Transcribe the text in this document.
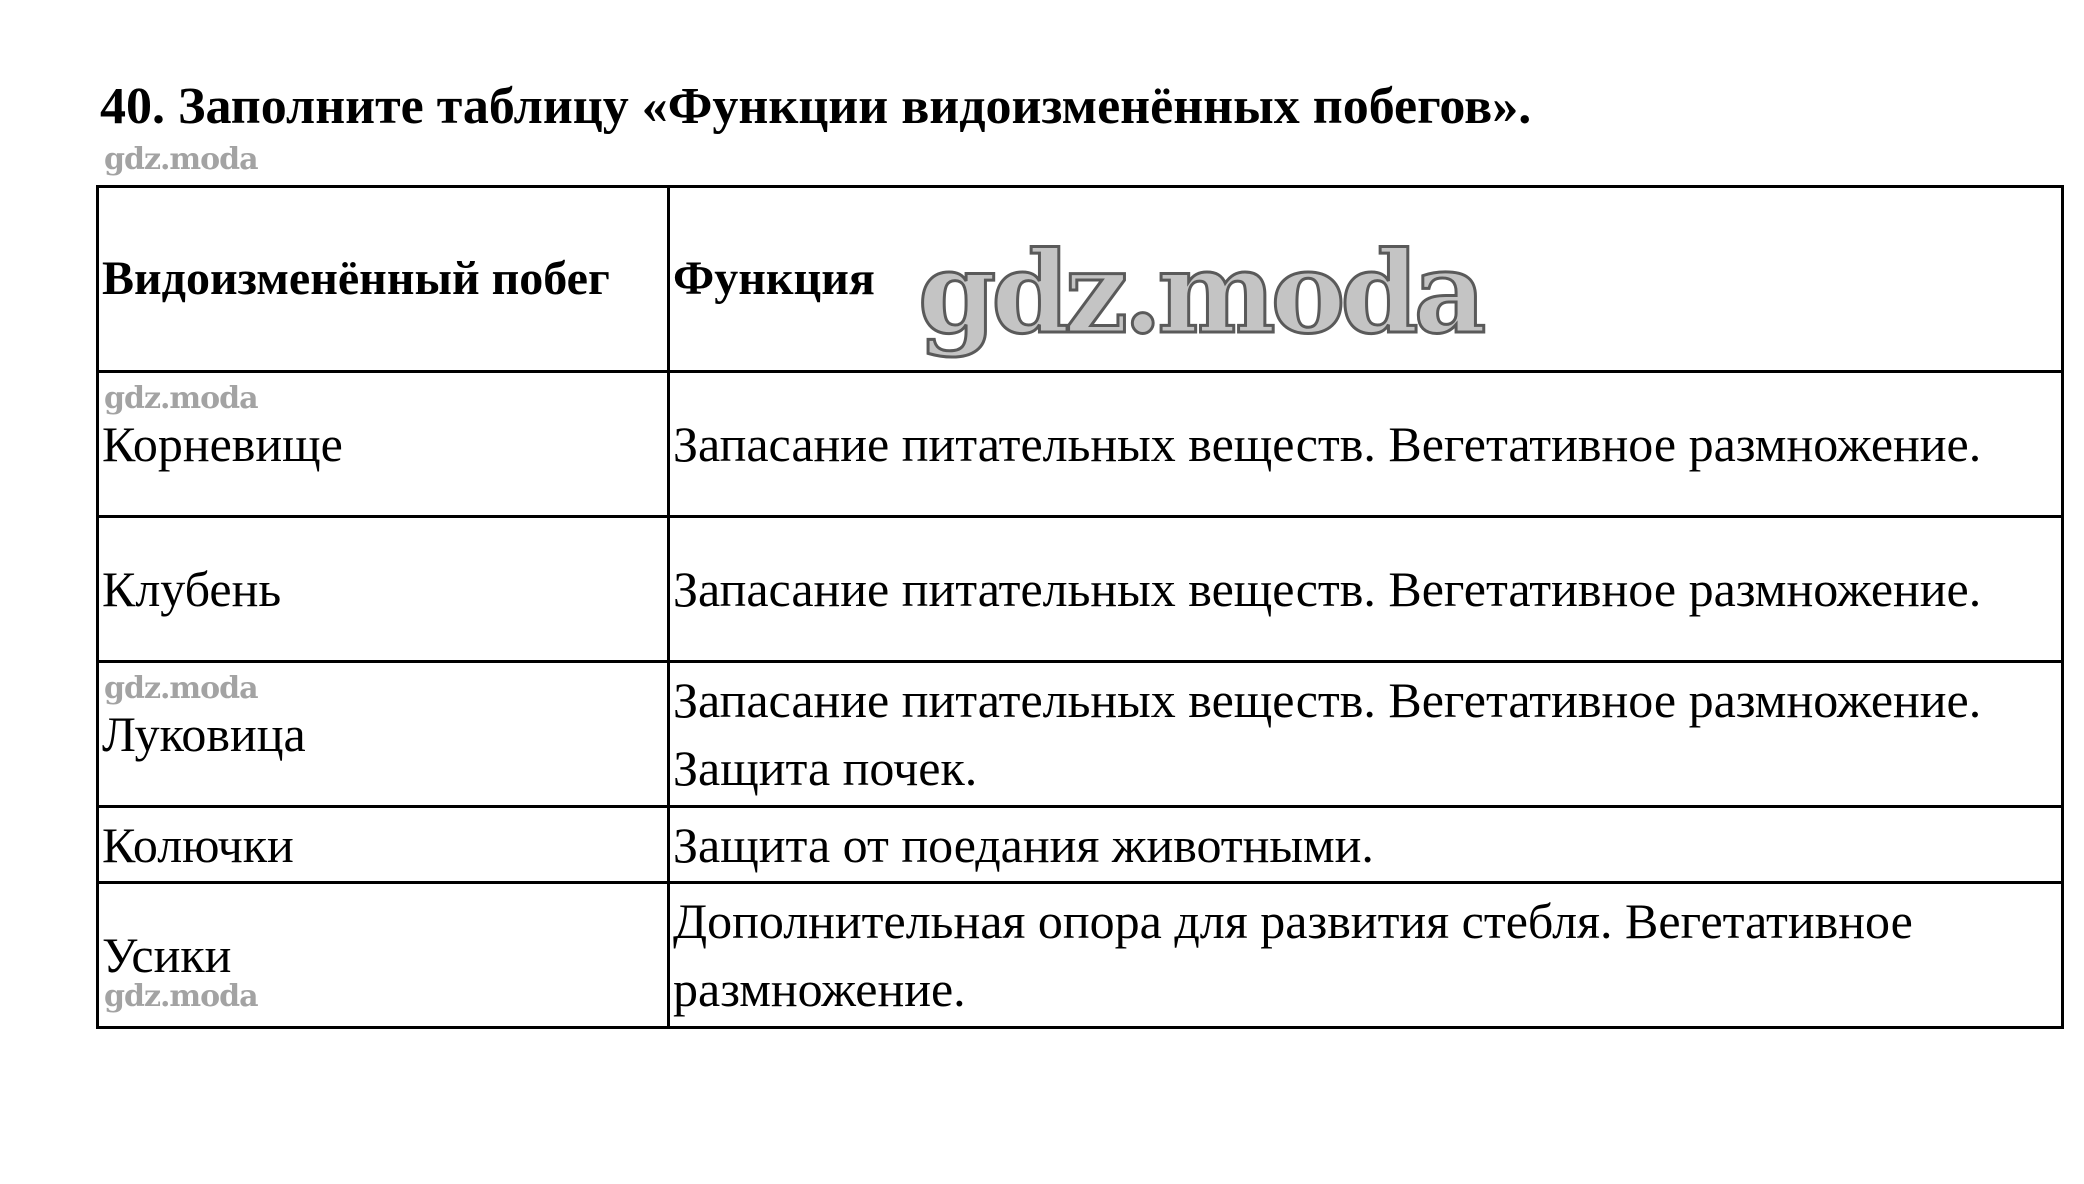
40. Заполните таблицу «Функции видоизменённых побегов».
Видоизменённый побег	Функция
Корневище	Запасание питательных веществ. Вегетативное размножение.
Клубень	Запасание питательных веществ. Вегетативное размножение.
Луковица	Запасание питательных веществ. Вегетативное размножение. Защита почек.
Колючки	Защита от поедания животными.
Усики	Дополнительная опора для развития стебля. Вегетативное размножение.
gdz.moda
gdz.moda
gdz.moda
gdz.moda
gdz.moda
